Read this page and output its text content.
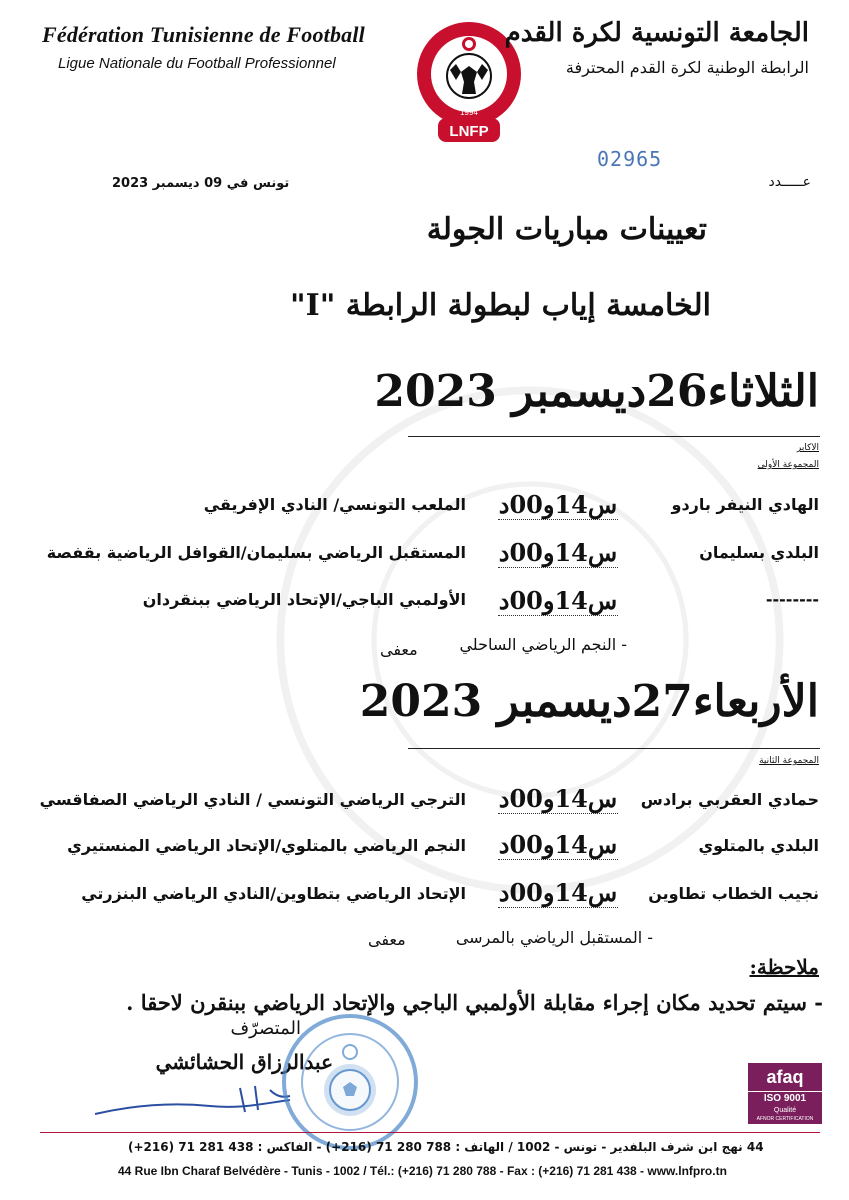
Fédération Tunisienne de Football
Ligue Nationale du Football Professionnel
LNFP
1994
الجامعة التونسية لكرة القدم
الرابطة الوطنية لكرة القدم المحترفة
02965
تونس في 09 ديسمبر 2023	عـــــدد
تعيينات مباريات الجولة
الخامسة إياب لبطولة الرابطة "I"
الثلاثاء26ديسمبر 2023
الاكابر
المجموعة الأولى
الهادي النيفر باردو
س14و00د
الملعب التونسي/ النادي الإفريقي
البلدي بسليمان
س14و00د
المستقبل الرياضي بسليمان/القوافل الرياضية بقفصة
--------
س14و00د
الأولمبي الباجي/الإتحاد الرياضي ببنقردان
- النجم الرياضي الساحلي
معفى
الأربعاء27ديسمبر 2023
المجموعة الثانية
حمادي العقربي برادس
س14و00د
الترجي الرياضي التونسي / النادي الرياضي الصفاقسي
البلدي بالمتلوي
س14و00د
النجم الرياضي بالمتلوي/الإتحاد الرياضي المنستيري
نجيب الخطاب تطاوين
س14و00د
الإتحاد الرياضي بتطاوين/النادي الرياضي البنزرتي
- المستقبل الرياضي بالمرسى
معفى
ملاحظة:
- سيتم تحديد مكان إجراء مقابلة الأولمبي الباجي والإتحاد الرياضي ببنقرن لاحقا .
المتصرّف
عبدالرزاق الحشائشي
afaq
ISO 9001
Qualité
AFNOR CERTIFICATION
44 نهج ابن شرف البلفدير - تونس - 1002 / الهاتف : 788 280 71 (216+) - الفاكس : 438 281 71 (216+)
44 Rue Ibn Charaf Belvédère - Tunis - 1002 / Tél.: (+216) 71 280 788 - Fax : (+216) 71 281 438 - www.lnfpro.tn
